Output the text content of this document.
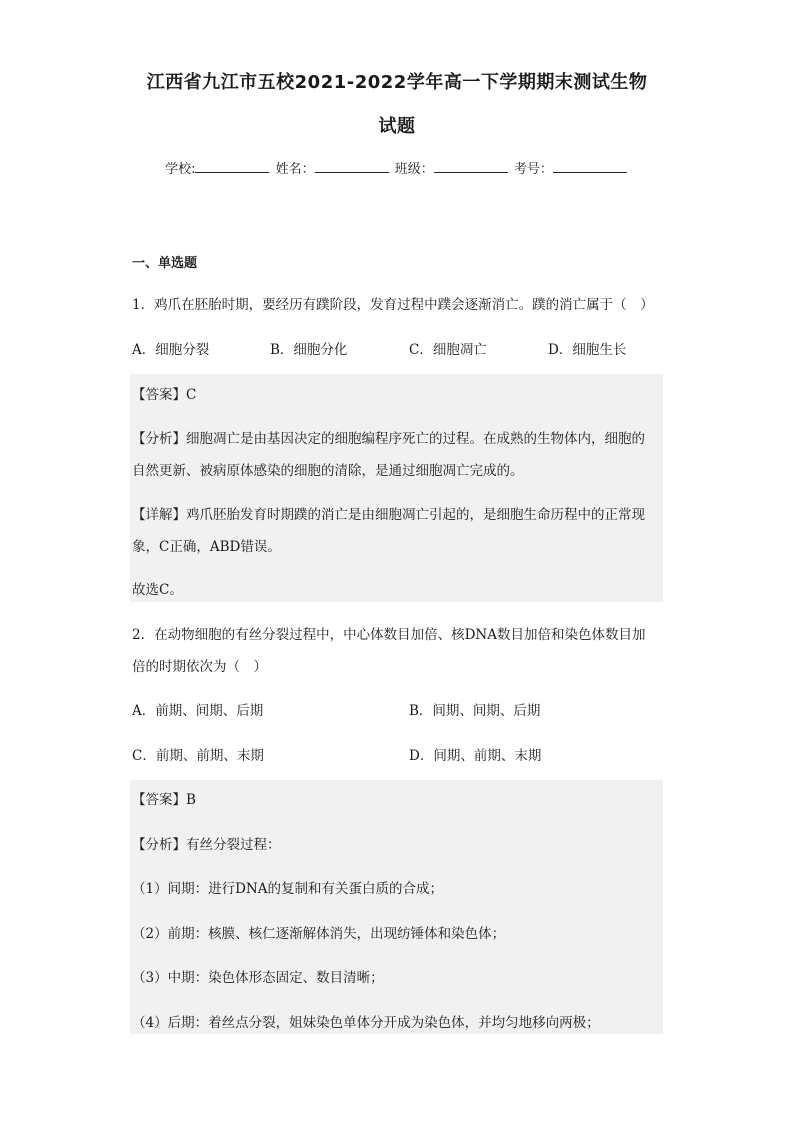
江西省九江市五校2021-2022学年高一下学期期末测试生物
试题
学校:	姓名：	班级：	考号：
一、单选题
1．鸡爪在胚胎时期，要经历有蹼阶段，发育过程中蹼会逐渐消亡。蹼的消亡属于（　）
A．细胞分裂	B．细胞分化	C．细胞凋亡	D．细胞生长
【答案】C
【分析】细胞凋亡是由基因决定的细胞编程序死亡的过程。在成熟的生物体内，细胞的
自然更新、被病原体感染的细胞的清除，是通过细胞凋亡完成的。
【详解】鸡爪胚胎发育时期蹼的消亡是由细胞凋亡引起的，是细胞生命历程中的正常现
象，C正确，ABD错误。
故选C。
2．在动物细胞的有丝分裂过程中，中心体数目加倍、核DNA数目加倍和染色体数目加
倍的时期依次为（　）
A．前期、间期、后期	B．间期、间期、后期
C．前期、前期、末期	D．间期、前期、末期
【答案】B
【分析】有丝分裂过程：
（1）间期：进行DNA的复制和有关蛋白质的合成；
（2）前期：核膜、核仁逐渐解体消失，出现纺锤体和染色体；
（3）中期：染色体形态固定、数目清晰；
（4）后期：着丝点分裂，姐妹染色单体分开成为染色体，并均匀地移向两极；
